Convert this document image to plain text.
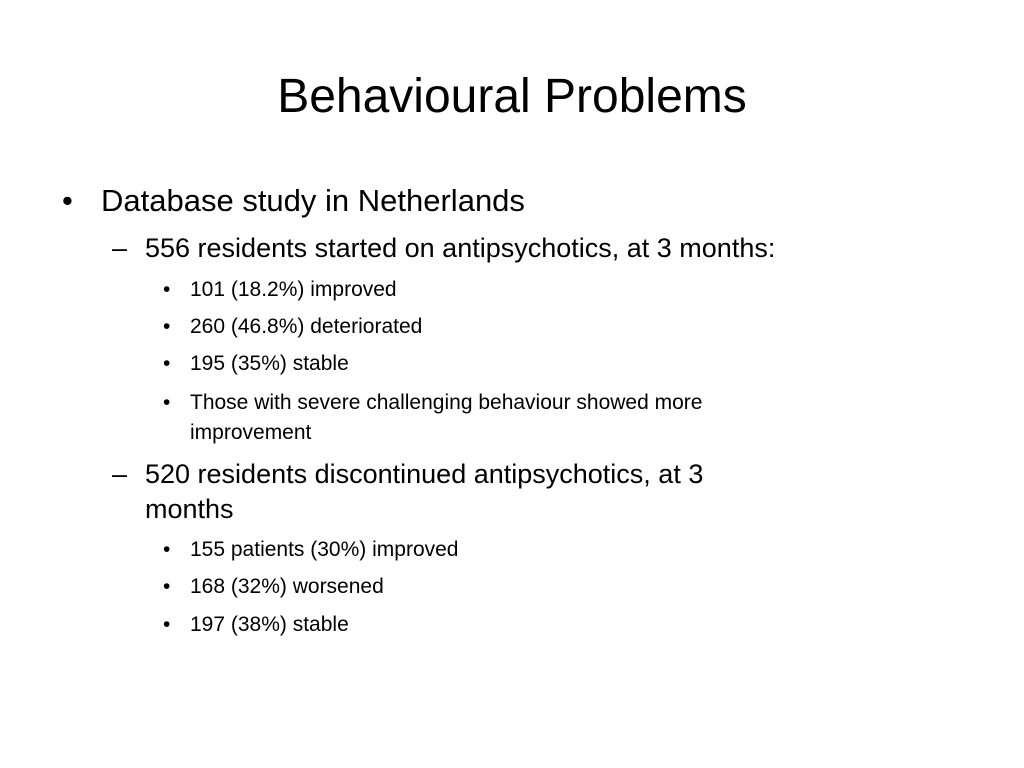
Behavioural Problems
• Database study in Netherlands
– 556 residents started on antipsychotics, at 3 months:
• 101 (18.2%) improved
• 260 (46.8%) deteriorated
• 195 (35%) stable
• Those with severe challenging behaviour showed more
improvement
– 520 residents discontinued antipsychotics, at 3
months
• 155 patients (30%) improved
• 168 (32%) worsened
• 197 (38%) stable
